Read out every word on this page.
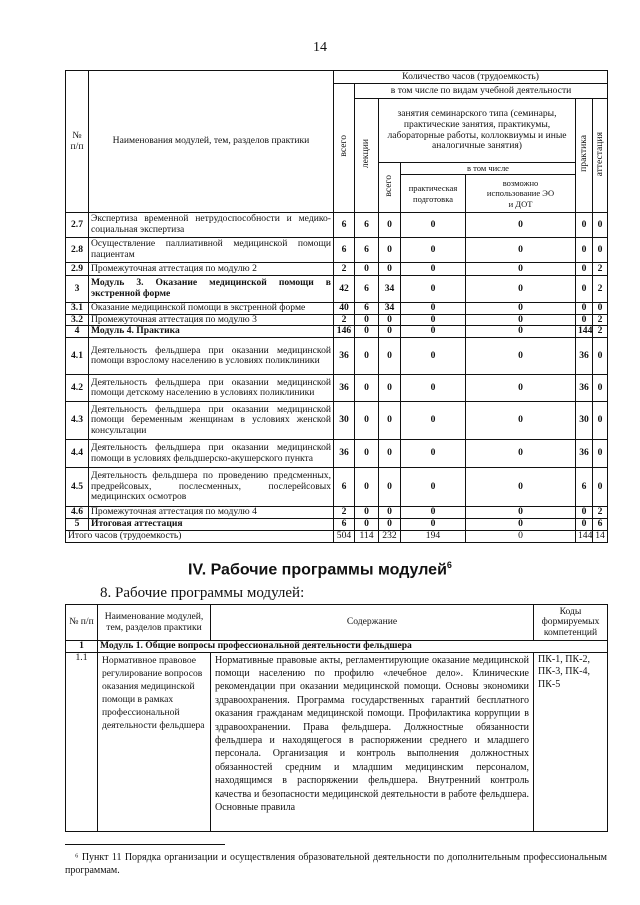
14
№ п/п	Наименования модулей, тем, разделов практики	Количество часов (трудоемкость)						
		всего	в том числе по видам учебной деятельности					
			лекции	занятия семинарского типа (семинары, практические занятия, практикумы, лабораторные работы, коллоквиумы и иные аналогичные занятия)			практика	аттестация
				всего	в том числе			
					практическая подготовка	возможно использование ЭО и ДОТ		
2.7	Экспертиза временной нетрудоспособности и медико-социальная экспертиза	6	6	0	0	0	0	0
2.8	Осуществление паллиативной медицинской помощи пациентам	6	6	0	0	0	0	0
2.9	Промежуточная аттестация по модулю 2	2	0	0	0	0	0	2
3	Модуль 3. Оказание медицинской помощи в экстренной форме	42	6	34	0	0	0	2
3.1	Оказание медицинской помощи в экстренной форме	40	6	34	0	0	0	0
3.2	Промежуточная аттестация по модулю 3	2	0	0	0	0	0	2
4	Модуль 4. Практика	146	0	0	0	0	144	2
4.1	Деятельность фельдшера при оказании медицинской помощи взрослому населению в условиях поликлиники	36	0	0	0	0	36	0
4.2	Деятельность фельдшера при оказании медицинской помощи детскому населению в условиях поликлиники	36	0	0	0	0	36	0
4.3	Деятельность фельдшера при оказании медицинской помощи беременным женщинам в условиях женской консультации	30	0	0	0	0	30	0
4.4	Деятельность фельдшера при оказании медицинской помощи в условиях фельдшерско-акушерского пункта	36	0	0	0	0	36	0
4.5	Деятельность фельдшера по проведению предсменных, предрейсовых, послесменных, послерейсовых медицинских осмотров	6	0	0	0	0	6	0
4.6	Промежуточная аттестация по модулю 4	2	0	0	0	0	0	2
5	Итоговая аттестация	6	0	0	0	0	0	6
Итого часов (трудоемкость)		504	114	232	194	0	144	14
IV. Рабочие программы модулей$^6$
8. Рабочие программы модулей:
№ п/п	Наименование модулей, тем, разделов практики	Содержание	Коды формируемых компетенций
1	Модуль 1. Общие вопросы профессиональной деятельности фельдшера		
1.1	Нормативное правовое регулирование вопросов оказания медицинской помощи в рамках профессиональной деятельности фельдшера	Нормативные правовые акты, регламентирующие оказание медицинской помощи населению по профилю «лечебное дело». Клинические рекомендации при оказании медицинской помощи. Основы экономики здравоохранения. Программа государственных гарантий бесплатного оказания гражданам медицинской помощи. Профилактика коррупции в здравоохранении. Права фельдшера. Должностные обязанности фельдшера и находящегося в распоряжении среднего и младшего персонала. Организация и контроль выполнения должностных обязанностей средним и младшим медицинским персоналом, находящимся в распоряжении фельдшера. Внутренний контроль качества и безопасности медицинской деятельности в работе фельдшера. Основные правила	ПК-1, ПК-2, ПК-3, ПК-4, ПК-5
⁶ Пункт 11 Порядка организации и осуществления образовательной деятельности по дополнительным профессиональным программам.
